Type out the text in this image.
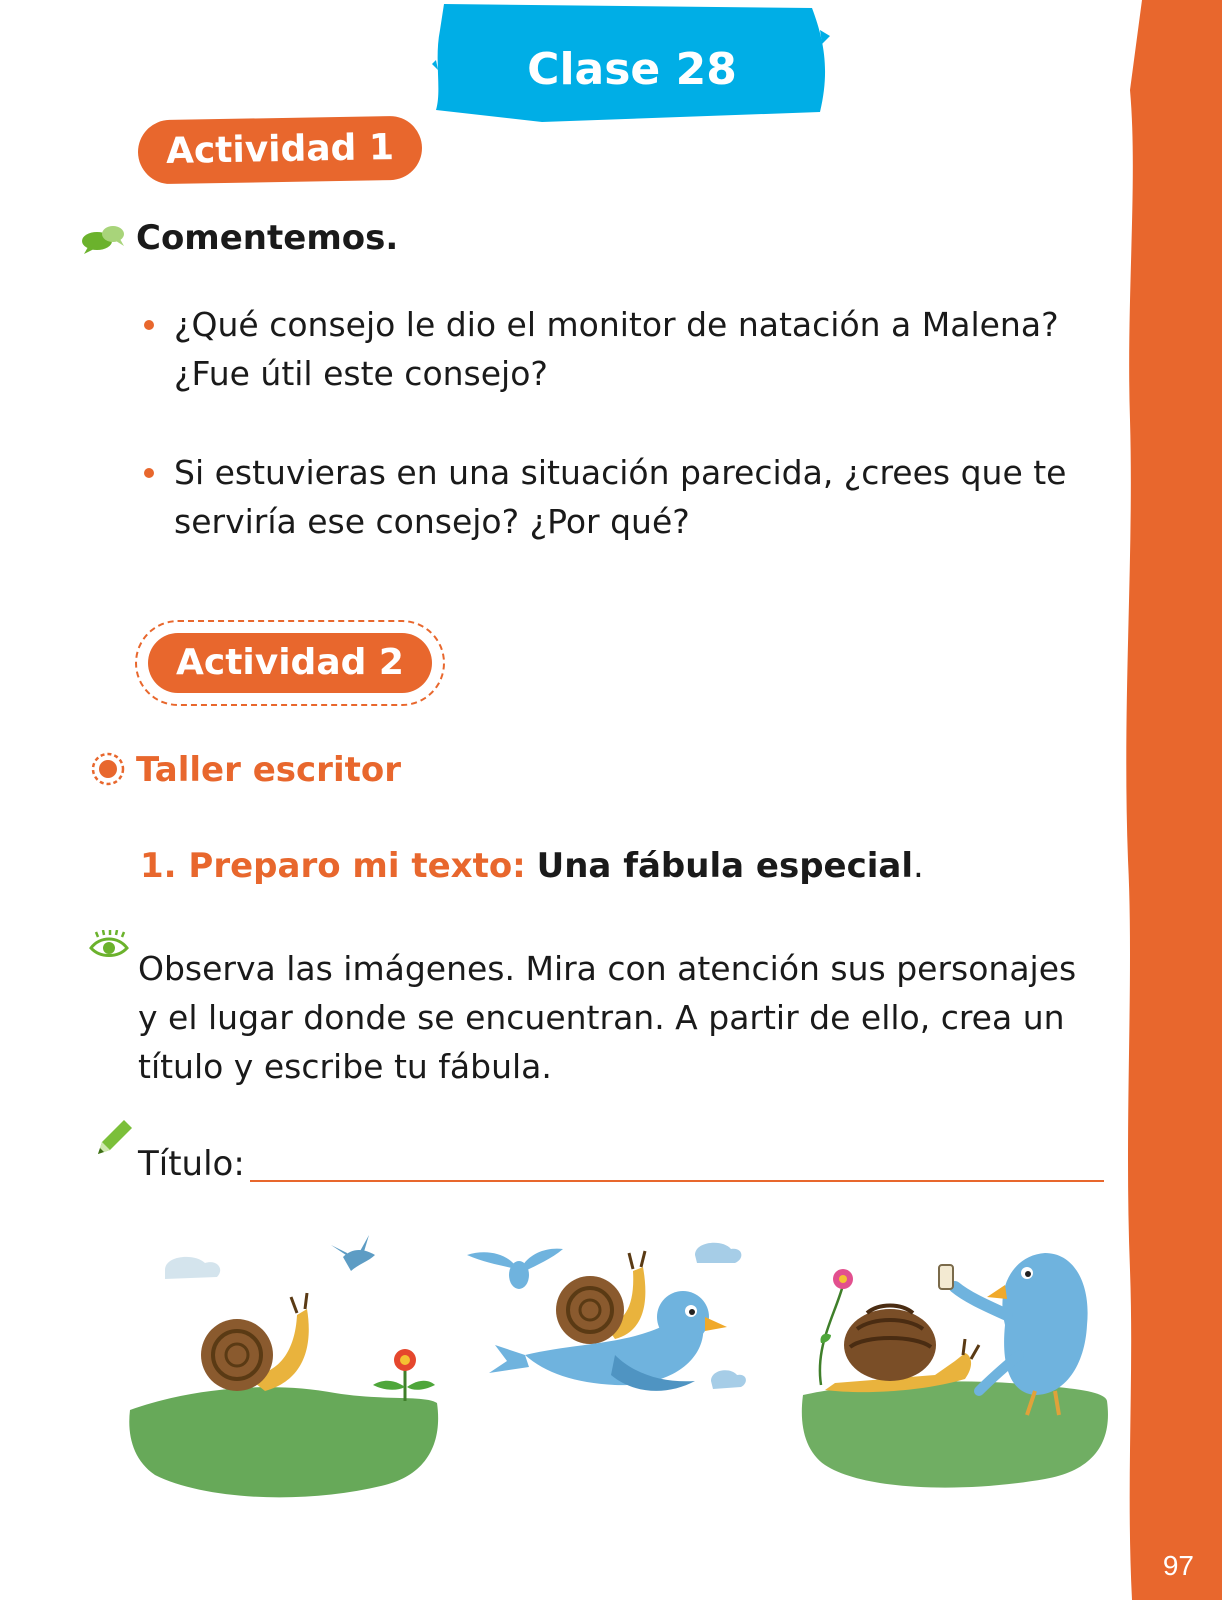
97
Clase 28
Actividad 1
Comentemos.
¿Qué consejo le dio el monitor de natación a Malena? ¿Fue útil este consejo?
Si estuvieras en una situación parecida, ¿crees que te serviría ese consejo? ¿Por qué?
Actividad 2
Taller escritor
1. Preparo mi texto: Una fábula especial.
Observa las imágenes. Mira con atención sus personajes y el lugar donde se encuentran. A partir de ello, crea un título y escribe tu fábula.
Título:
